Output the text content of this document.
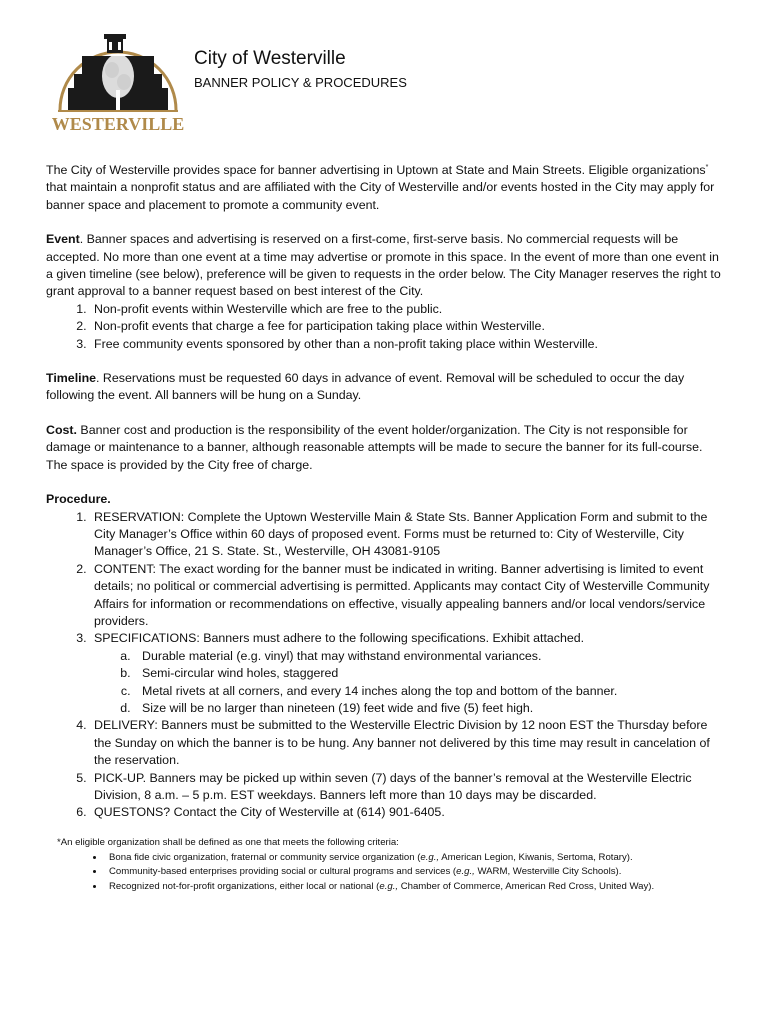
WESTERVILLE
City of Westerville
BANNER POLICY & PROCEDURES

The City of Westerville provides space for banner advertising in Uptown at State and Main Streets. Eligible organizations* that maintain a nonprofit status and are affiliated with the City of Westerville and/or events hosted in the City may apply for banner space and placement to promote a community event.

Event. Banner spaces and advertising is reserved on a first-come, first-serve basis. No commercial requests will be accepted. No more than one event at a time may advertise or promote in this space. In the event of more than one event in a given timeline (see below), preference will be given to requests in the order below. The City Manager reserves the right to grant approval to a banner request based on best interest of the City.

1. Non-profit events within Westerville which are free to the public.
2. Non-profit events that charge a fee for participation taking place within Westerville.
3. Free community events sponsored by other than a non-profit taking place within Westerville.

Timeline. Reservations must be requested 60 days in advance of event. Removal will be scheduled to occur the day following the event. All banners will be hung on a Sunday.

Cost. Banner cost and production is the responsibility of the event holder/organization. The City is not responsible for damage or maintenance to a banner, although reasonable attempts will be made to secure the banner for its full-course. The space is provided by the City free of charge.

Procedure.

1. RESERVATION: Complete the Uptown Westerville Main & State Sts. Banner Application Form and submit to the City Manager’s Office within 60 days of proposed event. Forms must be returned to: City of Westerville, City Manager’s Office, 21 S. State. St., Westerville, OH 43081-9105
2. CONTENT: The exact wording for the banner must be indicated in writing. Banner advertising is limited to event details; no political or commercial advertising is permitted. Applicants may contact City of Westerville Community Affairs for information or recommendations on effective, visually appealing banners and/or local vendors/service providers.
3. SPECIFICATIONS: Banners must adhere to the following specifications. Exhibit attached.
a. Durable material (e.g. vinyl) that may withstand environmental variances.
b. Semi-circular wind holes, staggered
c. Metal rivets at all corners, and every 14 inches along the top and bottom of the banner.
d. Size will be no larger than nineteen (19) feet wide and five (5) feet high.
4. DELIVERY: Banners must be submitted to the Westerville Electric Division by 12 noon EST the Thursday before the Sunday on which the banner is to be hung. Any banner not delivered by this time may result in cancelation of the reservation.
5. PICK-UP. Banners may be picked up within seven (7) days of the banner’s removal at the Westerville Electric Division, 8 a.m. – 5 p.m. EST weekdays. Banners left more than 10 days may be discarded.
6. QUESTONS? Contact the City of Westerville at (614) 901-6405.

*An eligible organization shall be defined as one that meets the following criteria:

• Bona fide civic organization, fraternal or community service organization (e.g., American Legion, Kiwanis, Sertoma, Rotary).
• Community-based enterprises providing social or cultural programs and services (e.g., WARM, Westerville City Schools).
• Recognized not-for-profit organizations, either local or national (e.g., Chamber of Commerce, American Red Cross, United Way).
